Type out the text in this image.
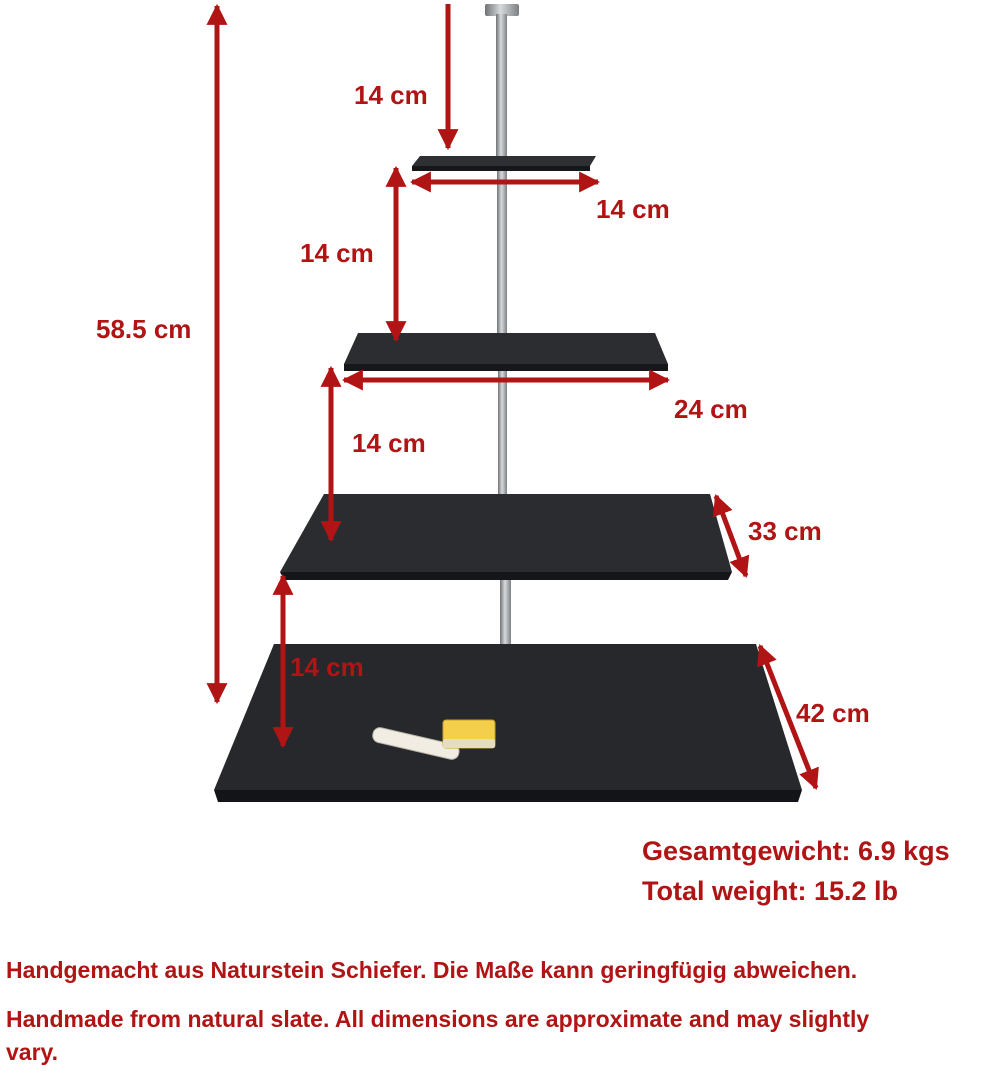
58.5 cm

14 cm

14 cm

14 cm

24 cm

14 cm

33 cm

14 cm

42 cm

Gesamtgewicht: 6.9 kgs

Total weight: 15.2 lb

Handgemacht aus Naturstein Schiefer. Die Maße kann geringfügig abweichen.

Handmade from natural slate. All dimensions are approximate and may slightly vary.
